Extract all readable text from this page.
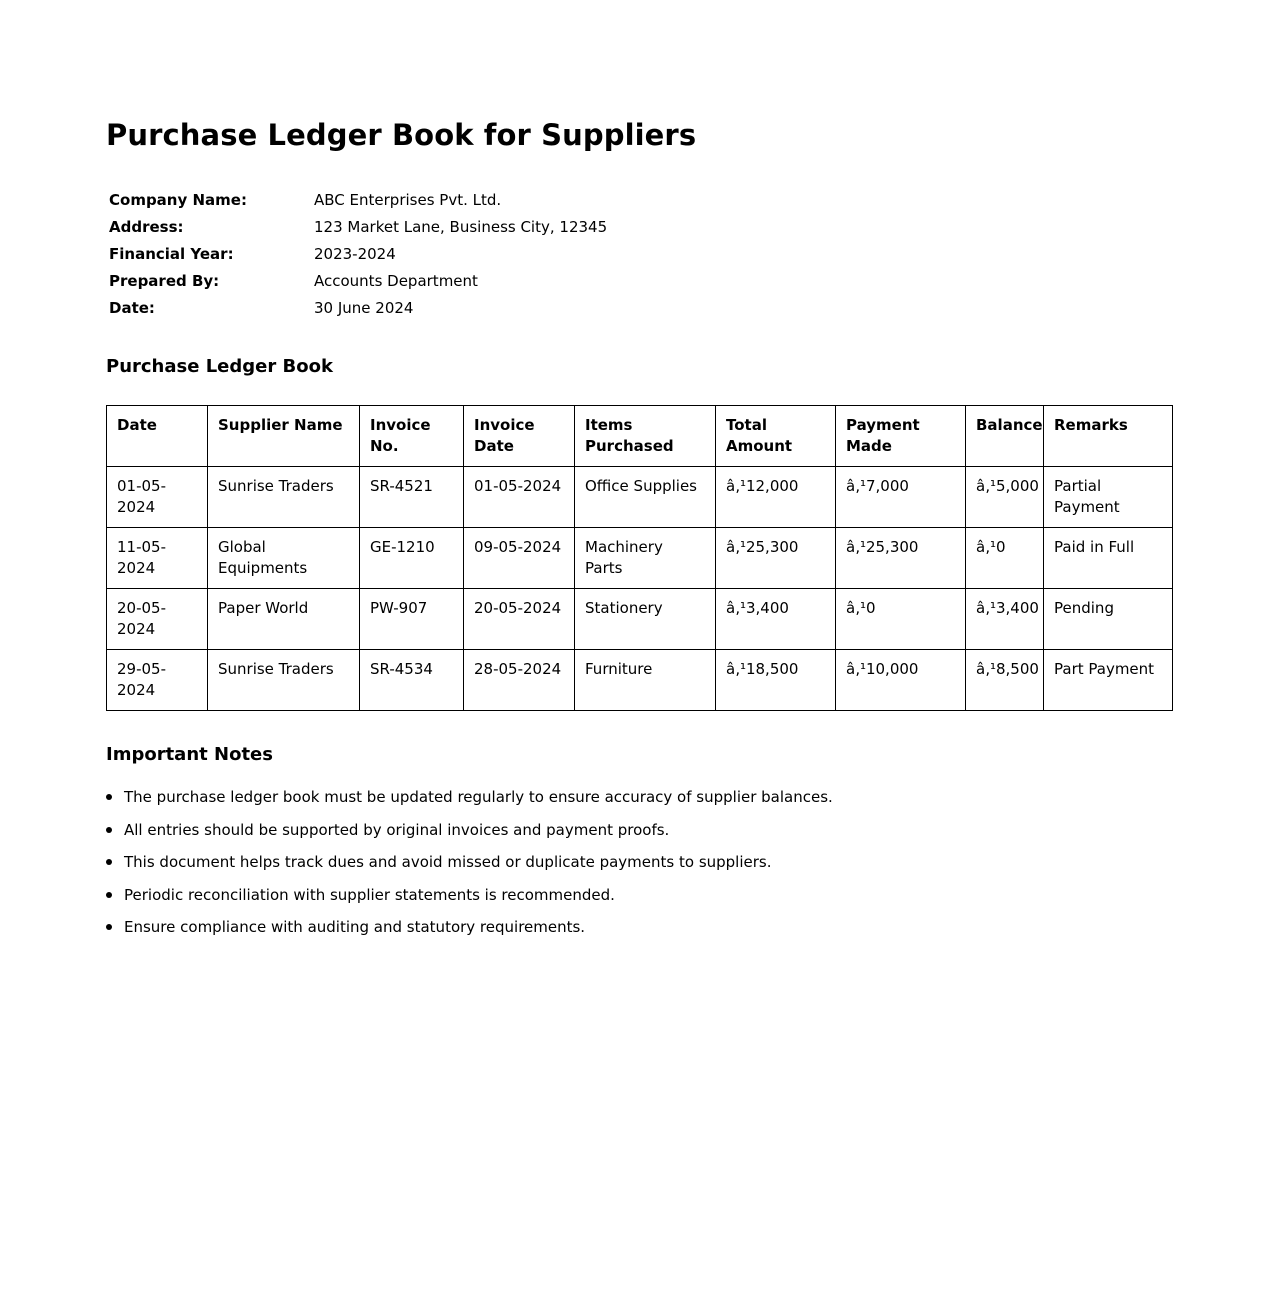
Purchase Ledger Book for Suppliers
Company Name:	ABC Enterprises Pvt. Ltd.
Address:	123 Market Lane, Business City, 12345
Financial Year:	2023-2024
Prepared By:	Accounts Department
Date:	30 June 2024
Purchase Ledger Book
Date	Supplier Name	Invoice No.	Invoice Date	Items Purchased	Total Amount	Payment Made	Balance	Remarks
01-05-2024	Sunrise Traders	SR-4521	01-05-2024	Office Supplies	â‚¹12,000	â‚¹7,000	â‚¹5,000	Partial Payment
11-05-2024	Global Equipments	GE-1210	09-05-2024	Machinery Parts	â‚¹25,300	â‚¹25,300	â‚¹0	Paid in Full
20-05-2024	Paper World	PW-907	20-05-2024	Stationery	â‚¹3,400	â‚¹0	â‚¹3,400	Pending
29-05-2024	Sunrise Traders	SR-4534	28-05-2024	Furniture	â‚¹18,500	â‚¹10,000	â‚¹8,500	Part Payment
Important Notes
The purchase ledger book must be updated regularly to ensure accuracy of supplier balances.
All entries should be supported by original invoices and payment proofs.
This document helps track dues and avoid missed or duplicate payments to suppliers.
Periodic reconciliation with supplier statements is recommended.
Ensure compliance with auditing and statutory requirements.
